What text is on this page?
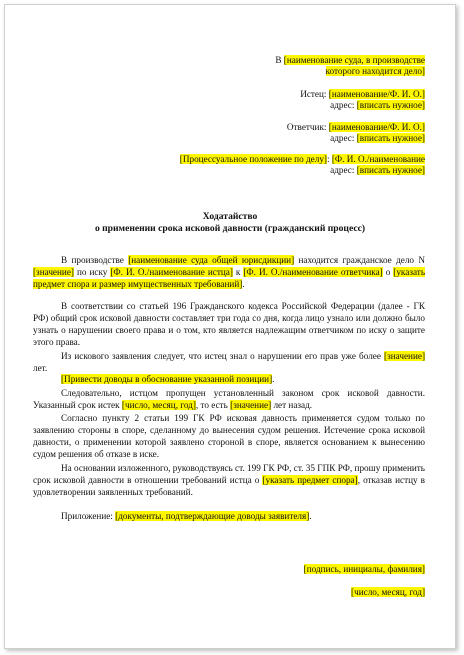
В [наименование суда, в производстве
которого находится дело]
Истец: [наименование/Ф. И. О.]
адрес: [вписать нужное]
Ответчик: [наименование/Ф. И. О.]
адрес: [вписать нужное]
[Процессуальное положение по делу]: [Ф. И. О./наименование
адрес: [вписать нужное]
Ходатайство
о применении срока исковой давности (гражданский процесс)
В производстве [наименование суда общей юрисдикции] находится гражданское дело N [значение] по иску [Ф. И. О./наименование истца] к [Ф. И. О./наименование ответчика] о [указать предмет спора и размер имущественных требований].
В соответствии со статьей 196 Гражданского кодекса Российской Федерации (далее - ГК РФ) общий срок исковой давности составляет три года со дня, когда лицо узнало или должно было узнать о нарушении своего права и о том, кто является надлежащим ответчиком по иску о защите этого права.
Из искового заявления следует, что истец знал о нарушении его прав уже более [значение] лет.
[Привести доводы в обоснование указанной позиции].
Следовательно, истцом пропущен установленный законом срок исковой давности. Указанный срок истек [число, месяц, год], то есть [значение] лет назад.
Согласно пункту 2 статьи 199 ГК РФ исковая давность применяется судом только по заявлению стороны в споре, сделанному до вынесения судом решения. Истечение срока исковой давности, о применении которой заявлено стороной в споре, является основанием к вынесению судом решения об отказе в иске.
На основании изложенного, руководствуясь ст. 199 ГК РФ, ст. 35 ГПК РФ, прошу применить срок исковой давности в отношении требований истца о [указать предмет спора], отказав истцу в удовлетворении заявленных требований.
Приложение: [документы, подтверждающие доводы заявителя].
[подпись, инициалы, фамилия]
[число, месяц, год]
